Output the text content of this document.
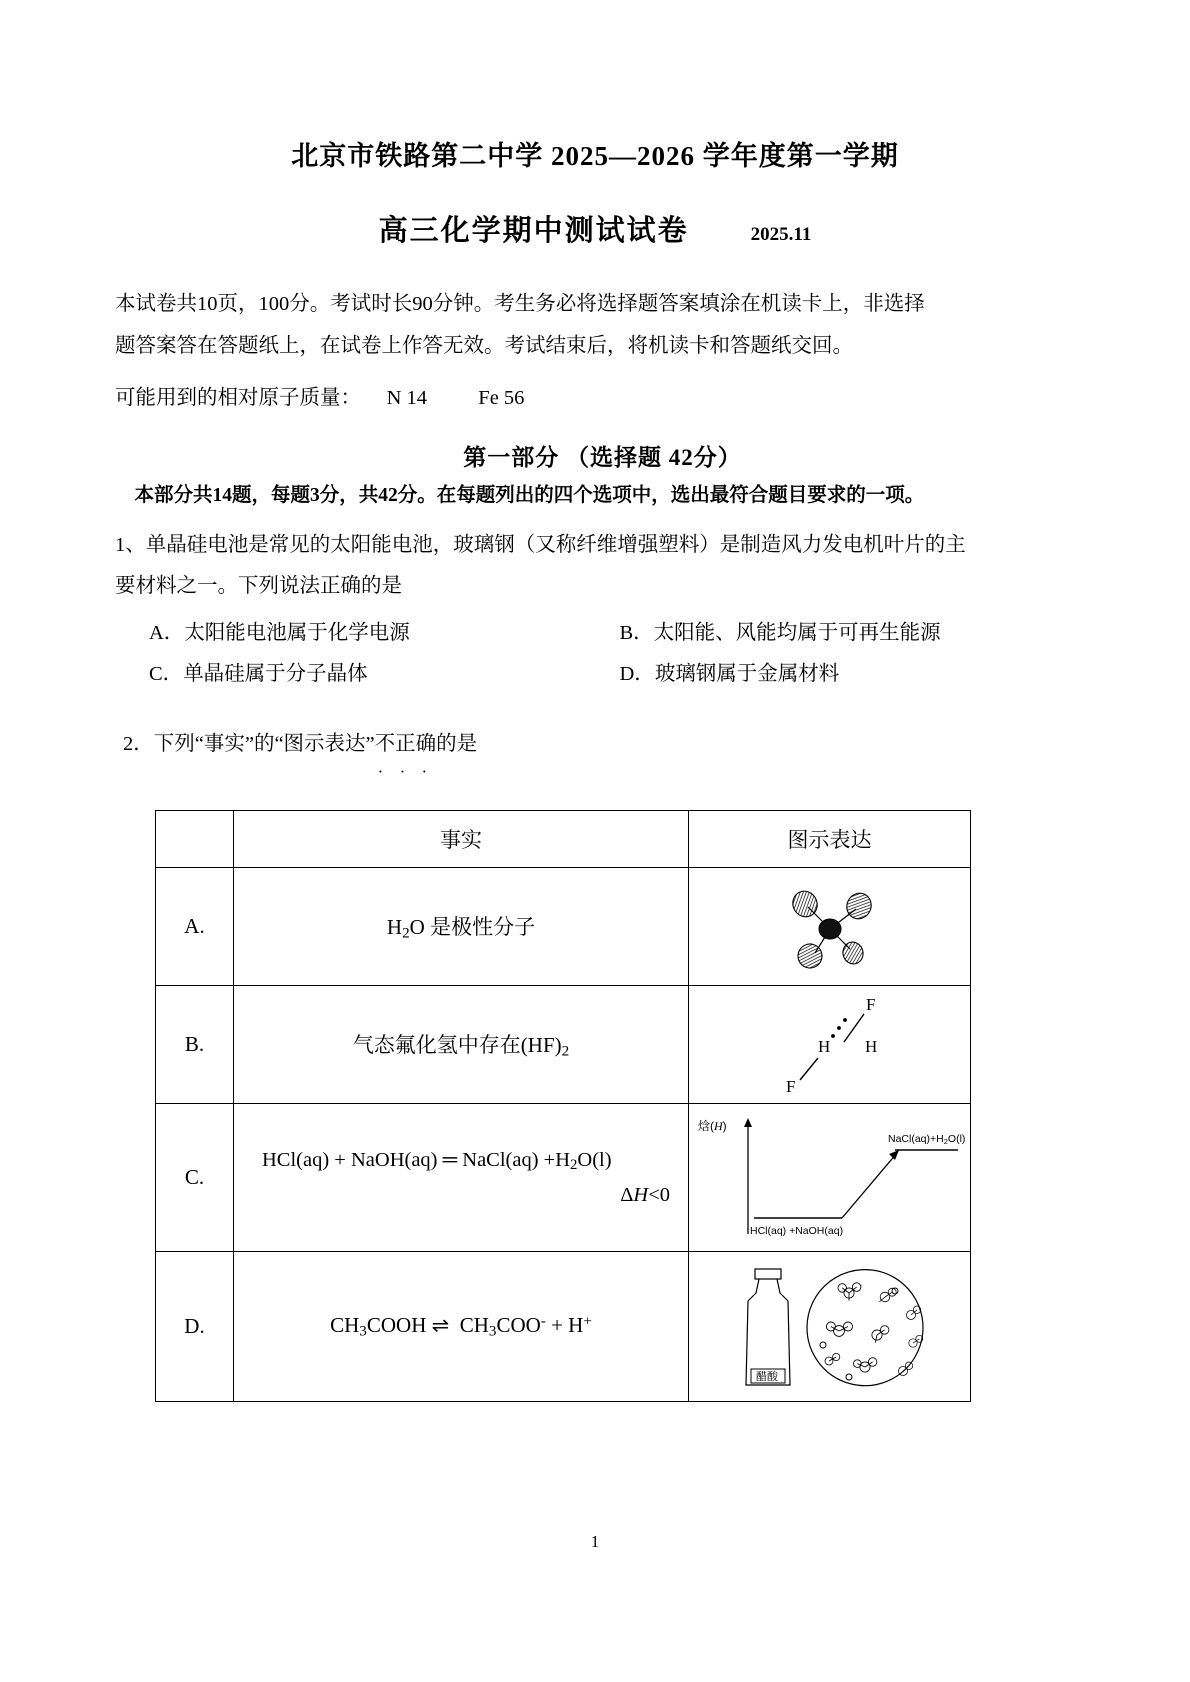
北京市铁路第二中学 2025—2026 学年度第一学期
高三化学期中测试试卷	2025.11

本试卷共10页，100分。考试时长90分钟。考生务必将选择题答案填涂在机读卡上，非选择

题答案答在答题纸上，在试卷上作答无效。考试结束后，将机读卡和答题纸交回。

可能用到的相对原子质量：     N 14          Fe 56

第一部分 （选择题 42分）
本部分共14题，每题3分，共42分。在每题列出的四个选项中，选出最符合题目要求的一项。
1、单晶硅电池是常见的太阳能电池，玻璃钢（又称纤维增强塑料）是制造风力发电机叶片的主
要材料之一。下列说法正确的是
A．太阳能电池属于化学电源	B．太阳能、风能均属于可再生能源
C．单晶硅属于分子晶体	D．玻璃钢属于金属材料
2．下列“事实”的“图示表达”不正确 · · ·的是
	事实	图示表达
A.	$H_2O$ 是极性分子	

B.	气态氟化氢中存在$(HF)_2$	F
H H
F

C.	HCl(aq) + NaOH(aq) ═ NaCl(aq) $+H_2O(l)$
ΔH<0	焓(H)
HCl(aq) +NaOH(aq)
NaCl(aq)+H2O(l)

D.	$CH_3COOH$ ⇌  $CH_3COO^- + H^+$	醋酸
1
